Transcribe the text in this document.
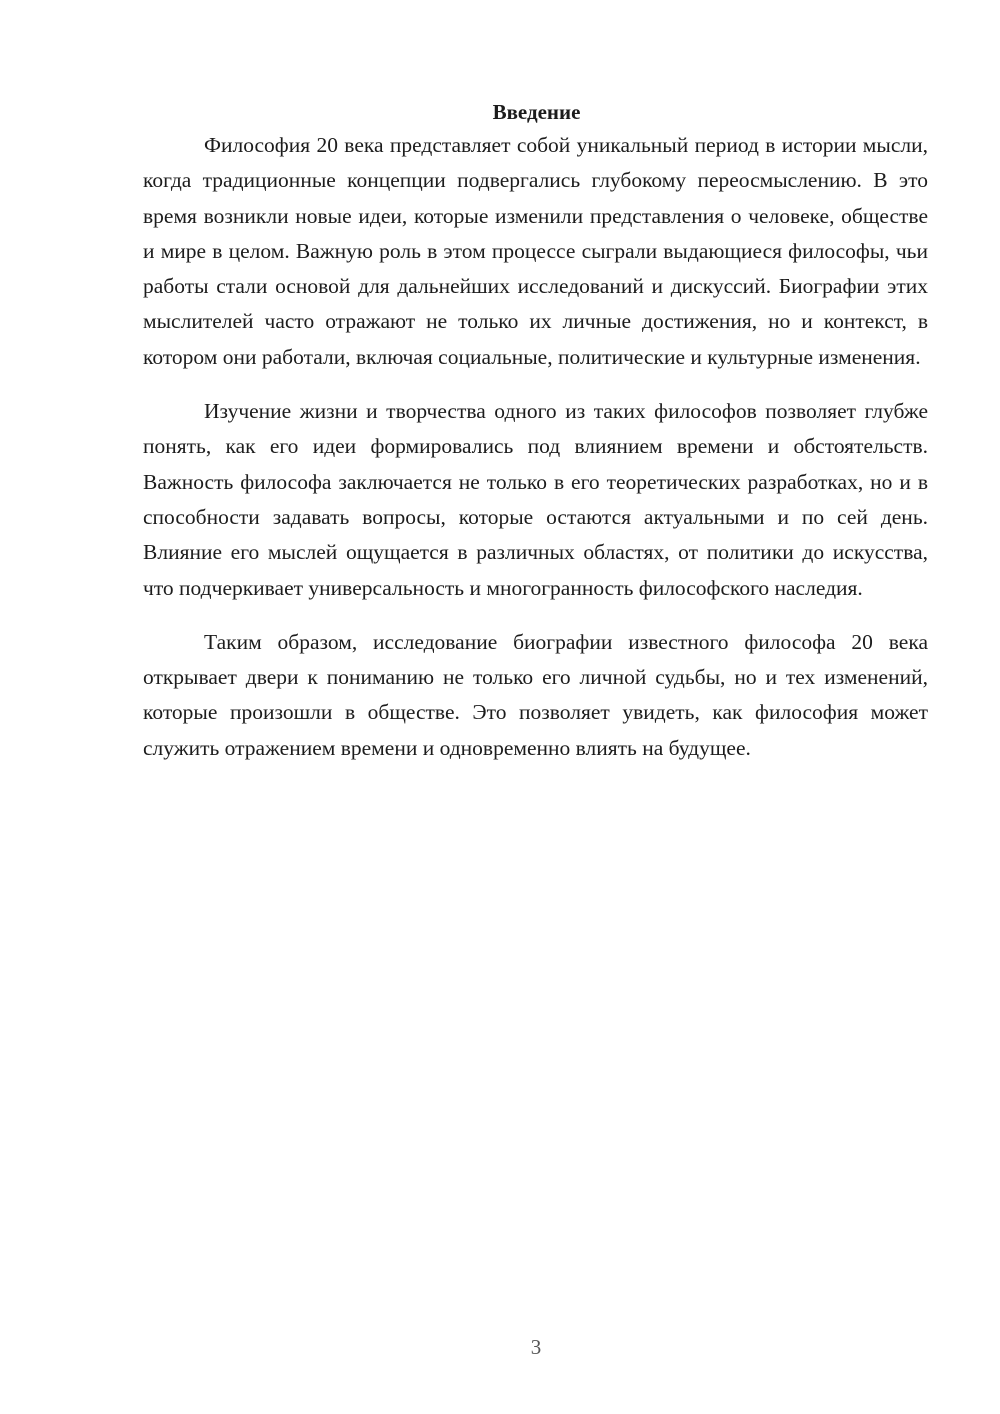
Введение

Философия 20 века представляет собой уникальный период в истории мысли, когда традиционные концепции подвергались глубокому переосмыслению. В это время возникли новые идеи, которые изменили представления о человеке, обществе и мире в целом. Важную роль в этом процессе сыграли выдающиеся философы, чьи работы стали основой для дальнейших исследований и дискуссий. Биографии этих мыслителей часто отражают не только их личные достижения, но и контекст, в котором они работали, включая социальные, политические и культурные изменения.

Изучение жизни и творчества одного из таких философов позволяет глубже понять, как его идеи формировались под влиянием времени и обстоятельств. Важность философа заключается не только в его теоретических разработках, но и в способности задавать вопросы, которые остаются актуальными и по сей день. Влияние его мыслей ощущается в различных областях, от политики до искусства, что подчеркивает универсальность и многогранность философского наследия.

Таким образом, исследование биографии известного философа 20 века открывает двери к пониманию не только его личной судьбы, но и тех изменений, которые произошли в обществе. Это позволяет увидеть, как философия может служить отражением времени и одновременно влиять на будущее.

3
